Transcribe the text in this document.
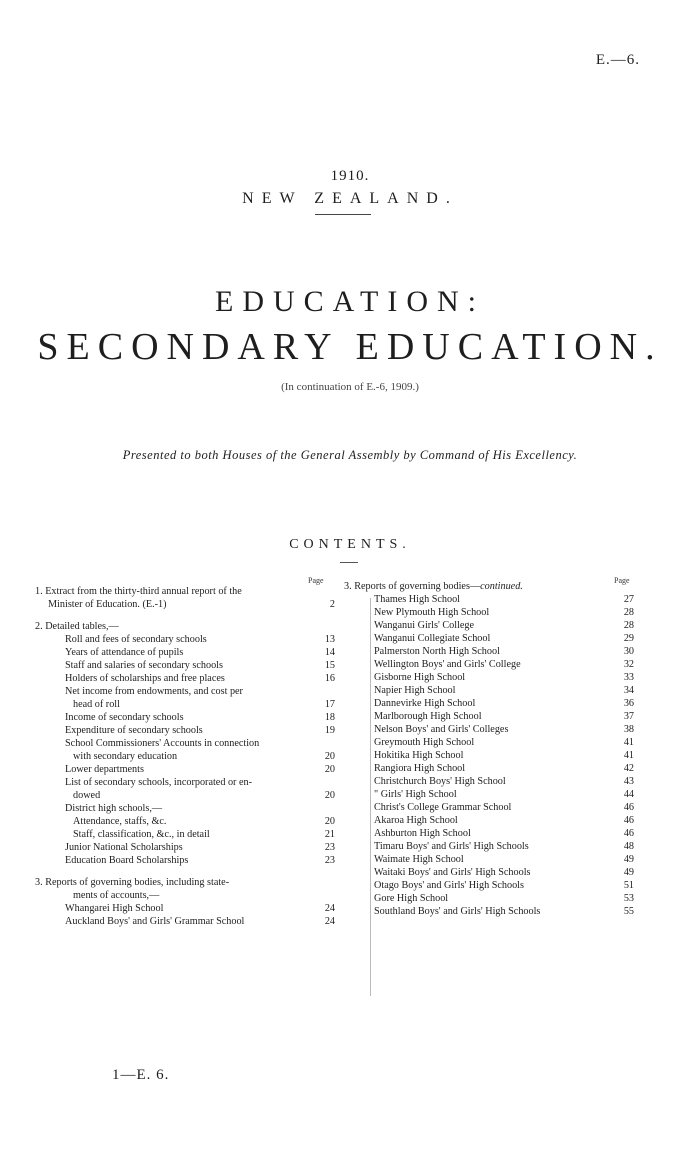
E.—6.
1910.
NEW ZEALAND.
EDUCATION:
SECONDARY EDUCATION.
(In continuation of E.-6, 1909.)
Presented to both Houses of the General Assembly by Command of His Excellency.
CONTENTS.
Page	Page
1. Extract from the thirty-third annual report of the
Minister of Education. (E.-1)	2
2. Detailed tables,—
Roll and fees of secondary schools	13
Years of attendance of pupils	14
Staff and salaries of secondary schools	15
Holders of scholarships and free places	16
Net income from endowments, and cost per
head of roll	17
Income of secondary schools	18
Expenditure of secondary schools	19
School Commissioners' Accounts in connection
with secondary education	20
Lower departments	20
List of secondary schools, incorporated or en-
dowed	20
District high schools,—
Attendance, staffs, &c.	20
Staff, classification, &c., in detail	21
Junior National Scholarships	23
Education Board Scholarships	23
3. Reports of governing bodies, including state-
ments of accounts,—
Whangarei High School	24
Auckland Boys' and Girls' Grammar School	24
3. Reports of governing bodies—continued.
Thames High School	27
New Plymouth High School	28
Wanganui Girls' College	28
Wanganui Collegiate School	29
Palmerston North High School	30
Wellington Boys' and Girls' College	32
Gisborne High School	33
Napier High School	34
Dannevirke High School	36
Marlborough High School	37
Nelson Boys' and Girls' Colleges	38
Greymouth High School	41
Hokitika High School	41
Rangiora High School	42
Christchurch Boys' High School	43
" Girls' High School	44
Christ's College Grammar School	46
Akaroa High School	46
Ashburton High School	46
Timaru Boys' and Girls' High Schools	48
Waimate High School	49
Waitaki Boys' and Girls' High Schools	49
Otago Boys' and Girls' High Schools	51
Gore High School	53
Southland Boys' and Girls' High Schools	55
1—E. 6.
